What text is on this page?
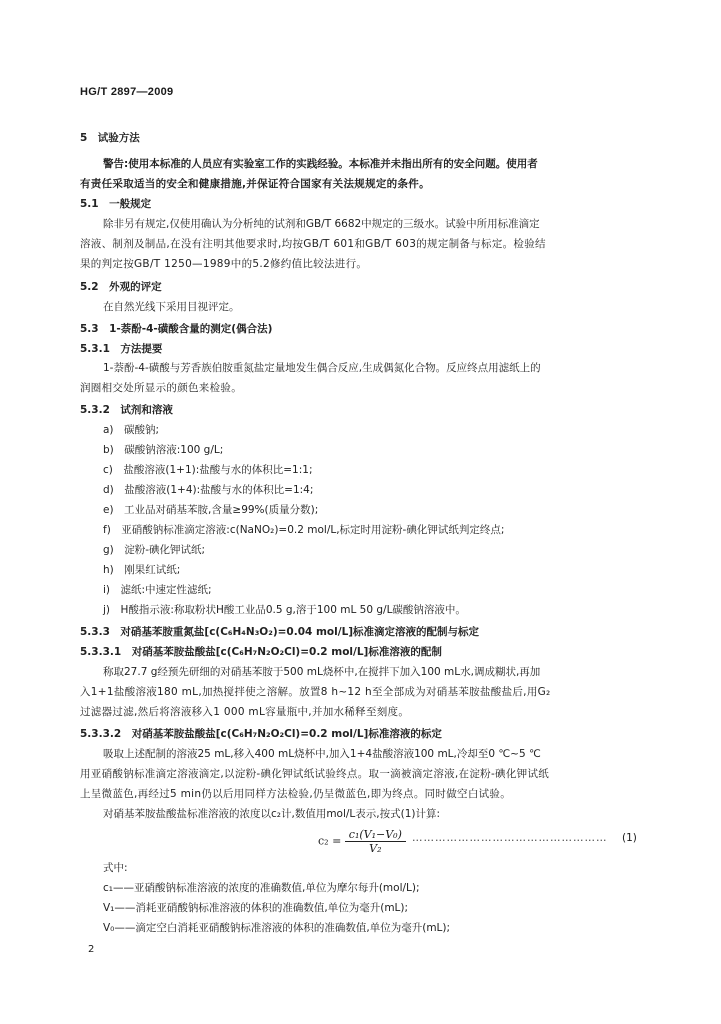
HG/T 2897—2009
5　试验方法
警告:使用本标准的人员应有实验室工作的实践经验。本标准并未指出所有的安全问题。使用者
有责任采取适当的安全和健康措施,并保证符合国家有关法规规定的条件。
5.1　一般规定
除非另有规定,仅使用确认为分析纯的试剂和GB/T 6682中规定的三级水。试验中所用标准滴定
溶液、制剂及制品,在没有注明其他要求时,均按GB/T 601和GB/T 603的规定制备与标定。检验结
果的判定按GB/T 1250—1989中的5.2修约值比较法进行。
5.2　外观的评定
在自然光线下采用目视评定。
5.3　1-萘酚-4-磺酸含量的测定(偶合法)
5.3.1　方法提要
1-萘酚-4-磺酸与芳香族伯胺重氮盐定量地发生偶合反应,生成偶氮化合物。反应终点用滤纸上的
润圈相交处所显示的颜色来检验。
5.3.2　试剂和溶液
a)　碳酸钠;
b)　碳酸钠溶液:100 g/L;
c)　盐酸溶液(1+1):盐酸与水的体积比=1:1;
d)　盐酸溶液(1+4):盐酸与水的体积比=1:4;
e)　工业品对硝基苯胺,含量≥99%(质量分数);
f)　亚硝酸钠标准滴定溶液:c(NaNO₂)=0.2 mol/L,标定时用淀粉-碘化钾试纸判定终点;
g)　淀粉-碘化钾试纸;
h)　刚果红试纸;
i)　滤纸:中速定性滤纸;
j)　H酸指示液:称取粉状H酸工业品0.5 g,溶于100 mL 50 g/L碳酸钠溶液中。
5.3.3　对硝基苯胺重氮盐[c(C₆H₄N₃O₂)=0.04 mol/L]标准滴定溶液的配制与标定
5.3.3.1　对硝基苯胺盐酸盐[c(C₆H₇N₂O₂Cl)=0.2 mol/L]标准溶液的配制
称取27.7 g经预先研细的对硝基苯胺于500 mL烧杯中,在搅拌下加入100 mL水,调成糊状,再加
入1+1盐酸溶液180 mL,加热搅拌使之溶解。放置8 h~12 h至全部成为对硝基苯胺盐酸盐后,用G₂
过滤器过滤,然后将溶液移入1 000 mL容量瓶中,并加水稀释至刻度。
5.3.3.2　对硝基苯胺盐酸盐[c(C₆H₇N₂O₂Cl)=0.2 mol/L]标准溶液的标定
吸取上述配制的溶液25 mL,移入400 mL烧杯中,加入1+4盐酸溶液100 mL,冷却至0 ℃~5 ℃
用亚硝酸钠标准滴定溶液滴定,以淀粉-碘化钾试纸试验终点。取一滴被滴定溶液,在淀粉-碘化钾试纸
上呈微蓝色,再经过5 min仍以后用同样方法检验,仍呈微蓝色,即为终点。同时做空白试验。
对硝基苯胺盐酸盐标准溶液的浓度以c₂计,数值用mol/L表示,按式(1)计算:
式中:
c₁——亚硝酸钠标准溶液的浓度的准确数值,单位为摩尔每升(mol/L);
V₁——消耗亚硝酸钠标准溶液的体积的准确数值,单位为毫升(mL);
V₀——滴定空白消耗亚硝酸钠标准溶液的体积的准确数值,单位为毫升(mL);
$c_2 = \frac{\text{c₁(V₁−V₀)}}{\text{V₂}}$ …………………………………………… (1)
2
